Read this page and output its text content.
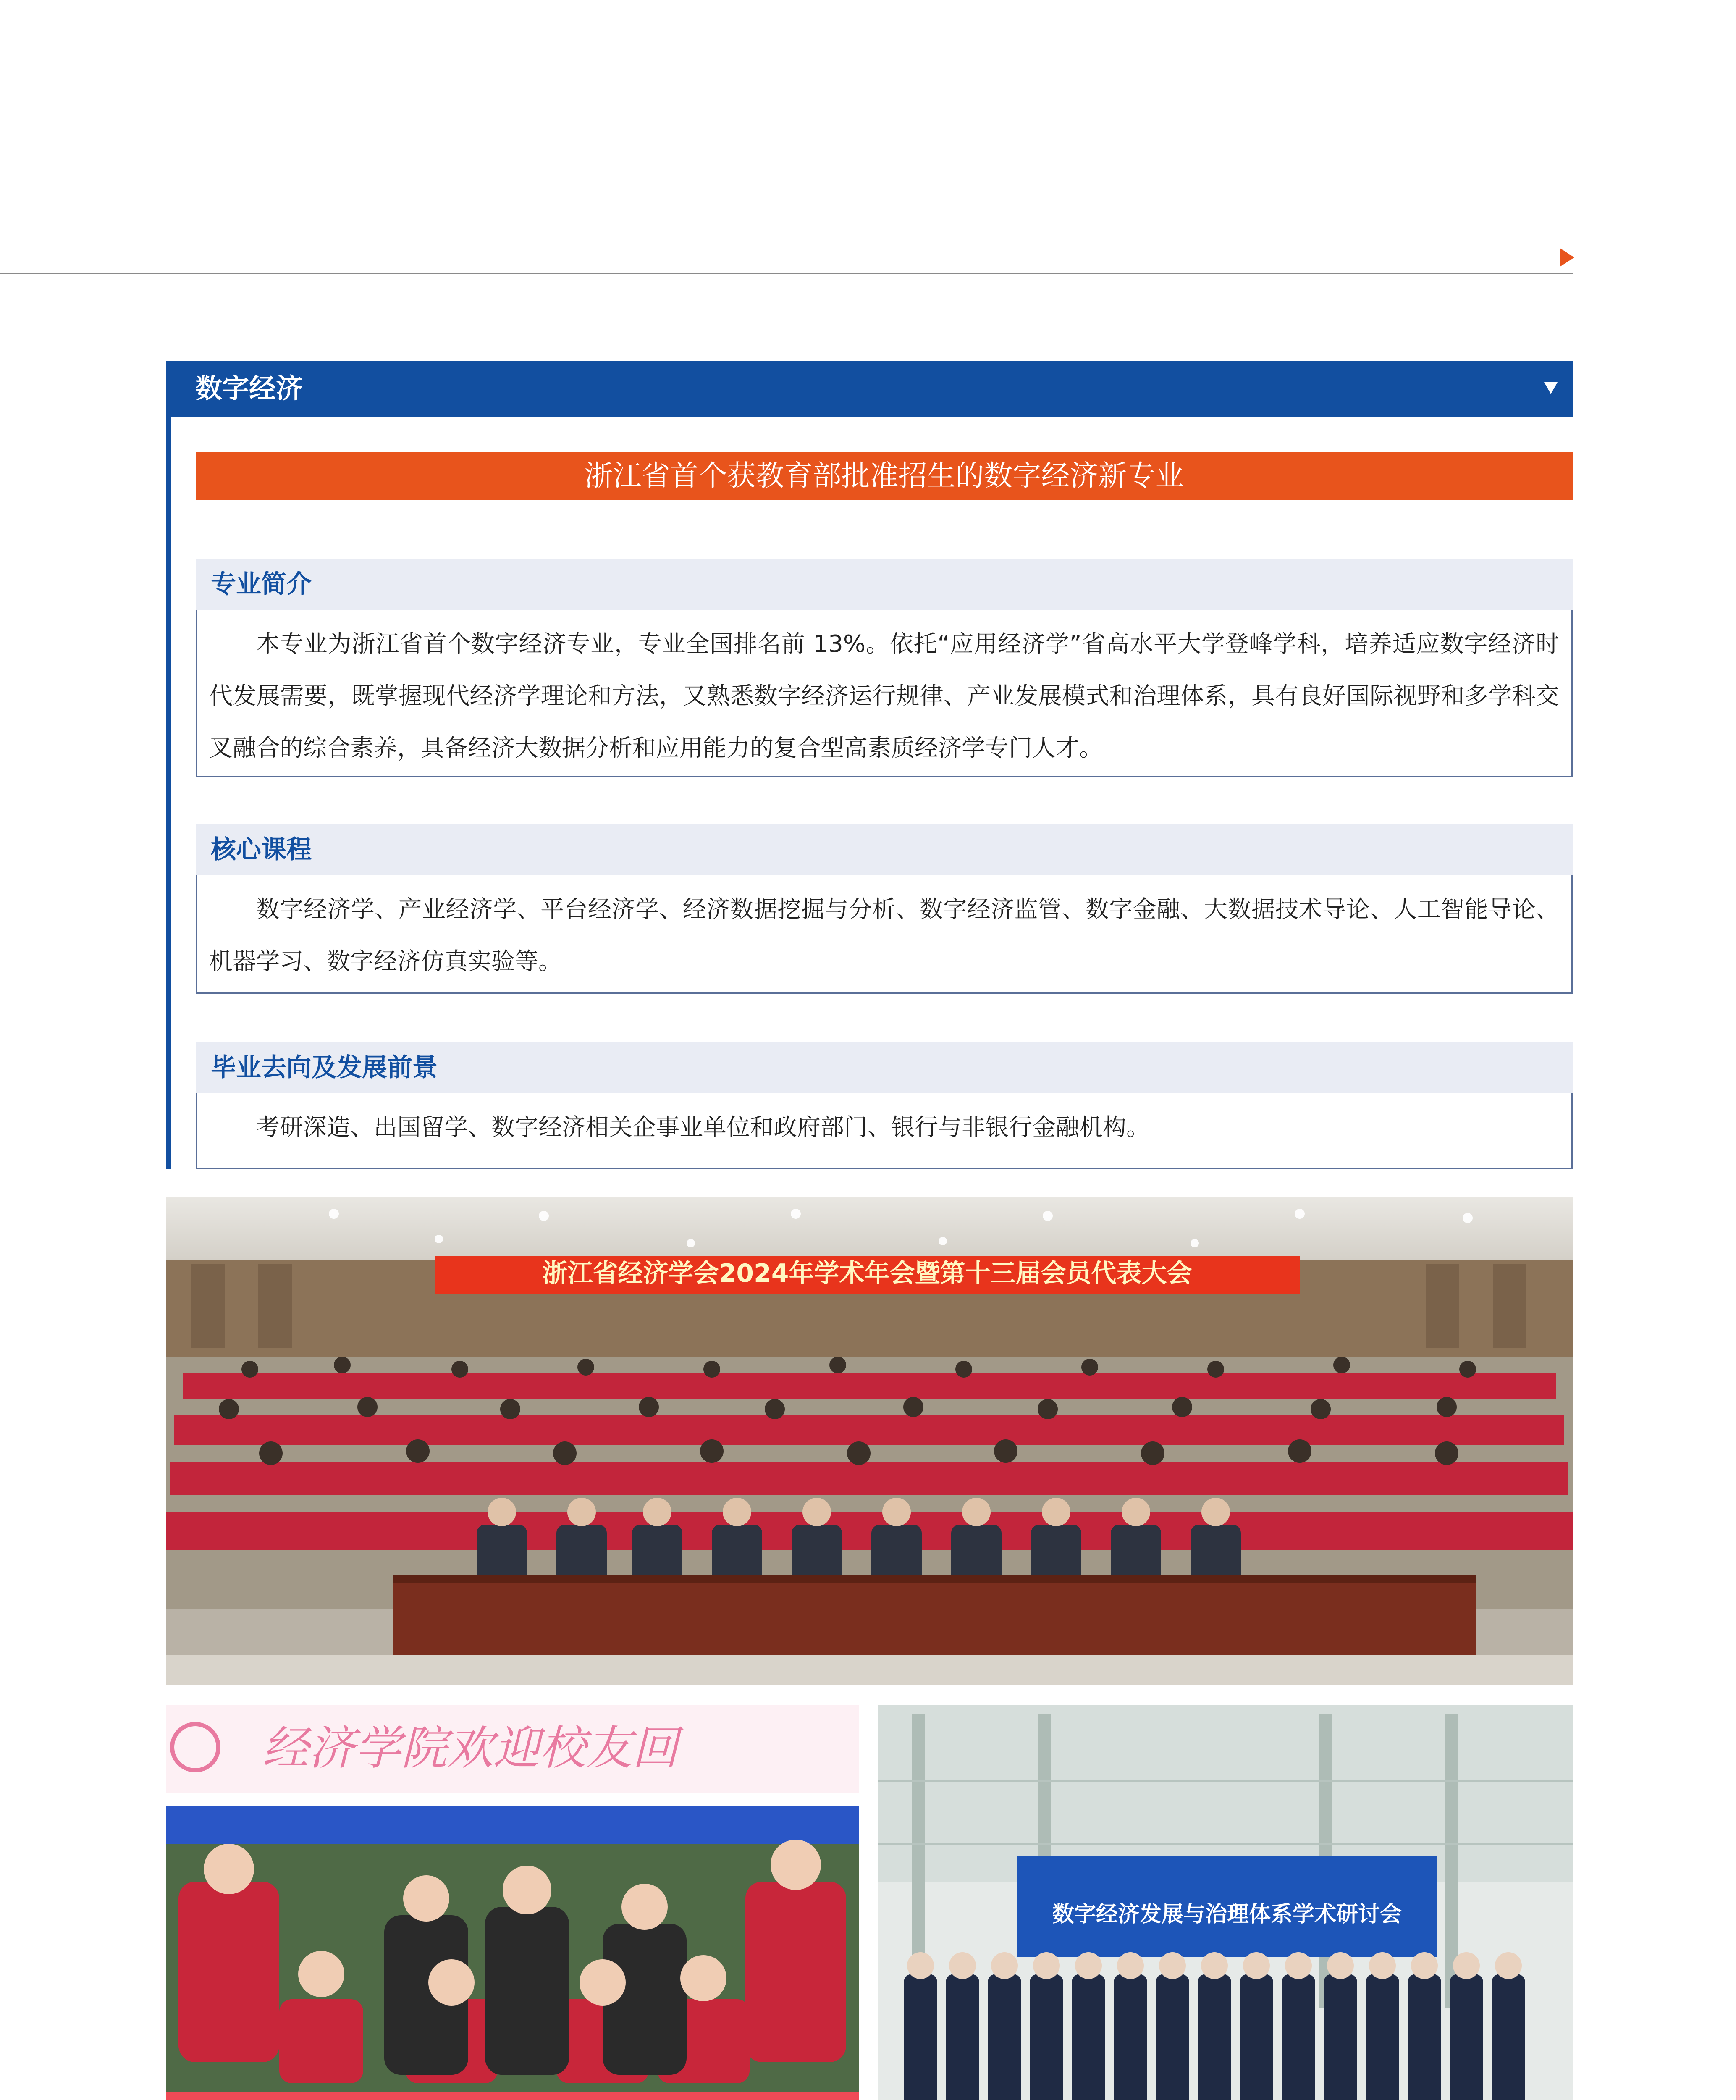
数字经济
浙江省首个获教育部批准招生的数字经济新专业
专业简介

本专业为浙江省首个数字经济专业，专业全国排名前 13%。依托“应用经济学”省高水平大学登峰学科，培养适应数字经济时代发展需要，既掌握现代经济学理论和方法，又熟悉数字经济运行规律、产业发展模式和治理体系，具有良好国际视野和多学科交叉融合的综合素养，具备经济大数据分析和应用能力的复合型高素质经济学专门人才。

核心课程

数字经济学、产业经济学、平台经济学、经济数据挖掘与分析、数字经济监管、数字金融、大数据技术导论、人工智能导论、机器学习、数字经济仿真实验等。

毕业去向及发展前景

考研深造、出国留学、数字经济相关企事业单位和政府部门、银行与非银行金融机构。

浙江省经济学会2024年学术年会暨第十三届会员代表大会
经济学院欢迎校友回
数字经济发展与治理体系学术研讨会
